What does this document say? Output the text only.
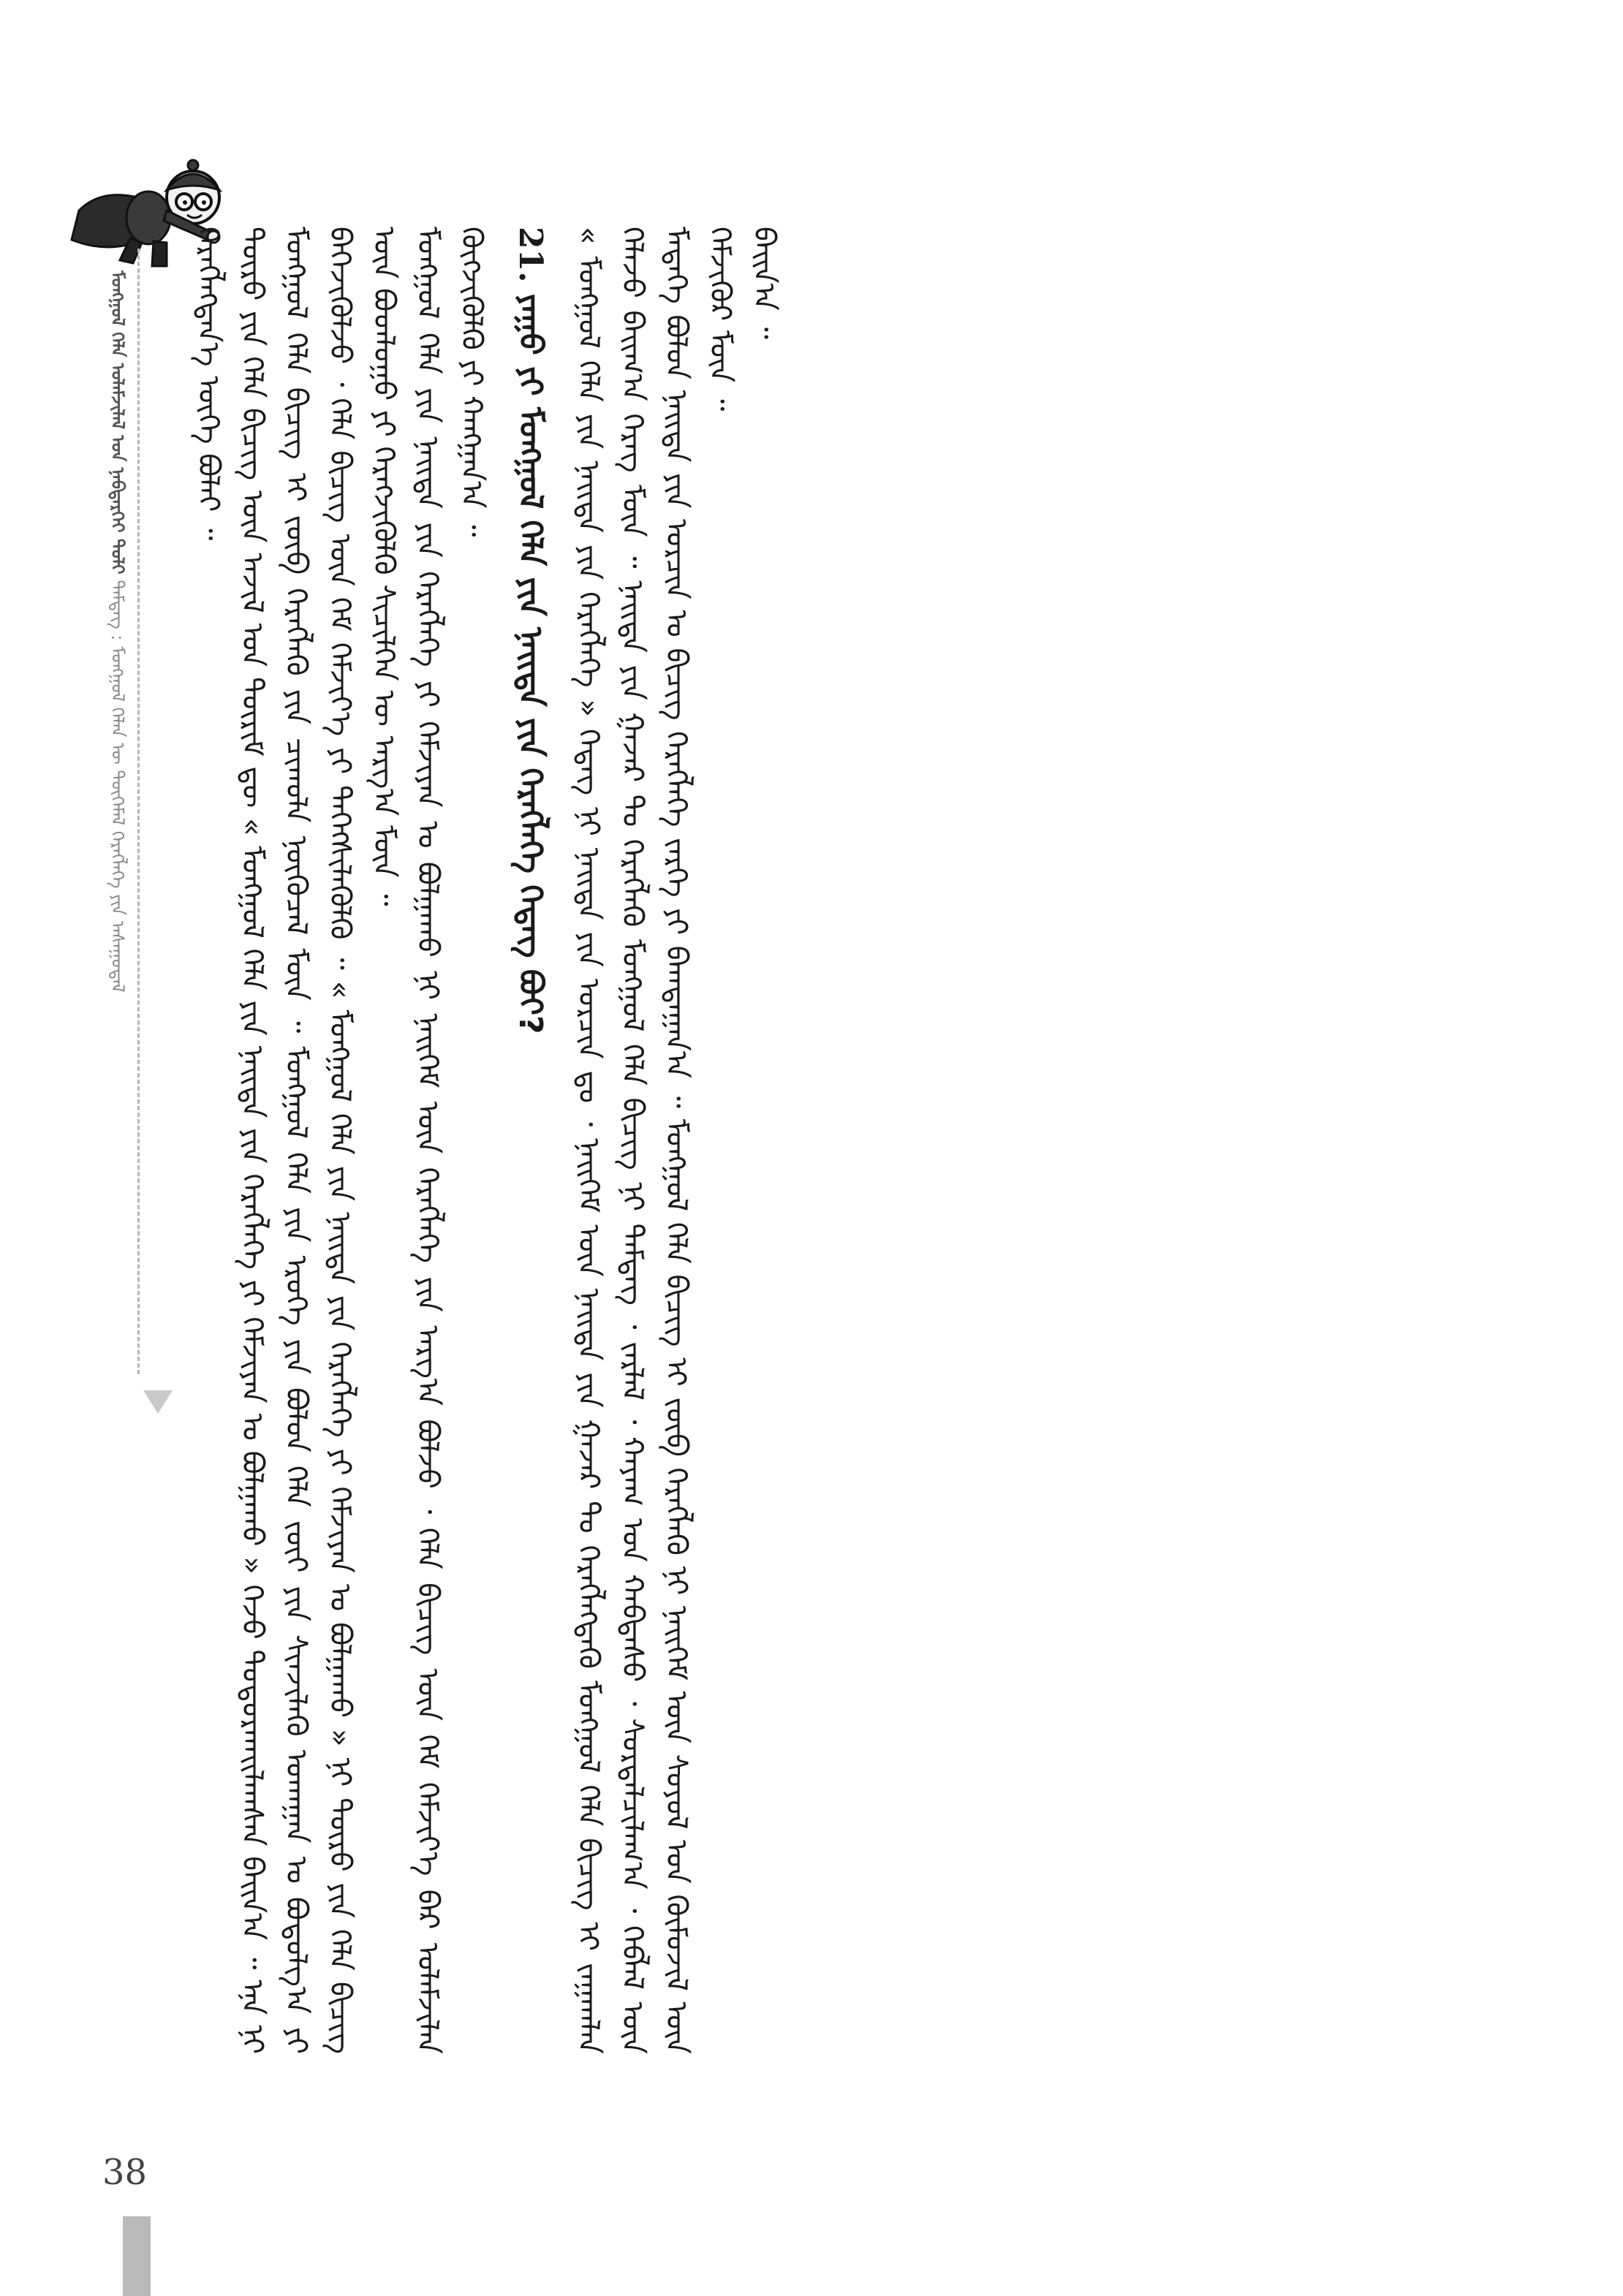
ᠮᠣᠩᠭᠣᠯ ᠬᠡᠯᠡ ᠤᠯᠠᠮᠵᠢᠯᠠᠯ ᠤᠨ ᠨᠡᠪᠲᠡᠷᠬᠡᠢ ᠲᠣᠯᠢ ᠲᠡᠮᠳᠡᠭ᠌ : ᠮᠣᠩᠭᠣᠯ ᠬᠡᠯᠡᠨ ᠦ ᠲᠦᠭᠡᠮᠡᠯ ᠬᠡᠷᠡᠭᠯᠡᠭᠡ ᠶᠢᠨ ᠠᠰᠠᠭᠤᠳᠠᠯ

ᠬᠡᠷᠡᠭᠯᠡᠭᠳᠡᠨ᠎ᠡ ᠦᠭᠡ ᠪᠣᠯᠠᠢ ᠃ ᠲᠦᠷᠦ ᠶᠢᠨ ᠬᠡᠯᠡ ᠪᠢᠴᠢᠭ ᠦᠨ ᠠᠵᠢᠯ ᠤᠨ ᠳᠦᠷᠢᠮ ᠳᠦ « ᠮᠣᠩᠭᠣᠯ ᠬᠡᠯᠡ ᠶᠢᠨ ᠨᠡᠢᠲᠡ ᠶᠢᠨ ᠬᠡᠷᠡᠭᠯᠡᠭᠡ ᠶᠢ ᠬᠡᠮᠵᠢᠶᠡᠨ ᠤ ᠪᠣᠯᠭᠠᠬᠤ » ᠭᠡᠵᠦ ᠲᠣᠳᠣᠷᠬᠠᠢᠯᠠᠭᠰᠠᠨ ᠪᠠᠢᠨ᠎ᠠ ᠃ ᠡᠨᠡ ᠨᠢ ᠮᠣᠩᠭᠣᠯ ᠬᠡᠯᠡ ᠪᠢᠴᠢᠭ ᠢ ᠵᠥᠪ ᠬᠡᠷᠡᠭᠯᠡᠬᠦ ᠶᠢᠨ ᠴᠢᠬᠤᠯᠠ ᠨᠥᠬᠦᠴᠡᠯ ᠮᠥᠨ ᠃ ᠮᠣᠩᠭᠣᠯ ᠬᠡᠯᠡ ᠶᠢᠨ ᠡᠷᠦᠬᠡ ᠶᠢᠨ ᠪᠣᠯᠤᠨ ᠬᠡᠯᠡ ᠵᠦᠢ ᠶᠢᠨ ᠰᠢᠨᠵᠢᠯᠡᠬᠦ ᠤᠬᠠᠭᠠᠨ ᠤ ᠪᠣᠳᠤᠯᠭ᠎ᠠ ᠶᠢ ᠪᠡᠬᠡᠵᠢᠭᠦᠯᠵᠦ ᠂ ᠬᠡᠯᠡ ᠪᠢᠴᠢᠭ ᠦᠨ ᠬᠡᠮ ᠬᠡᠮᠵᠢᠶ᠎ᠡ ᠶᠢ ᠳᠡᠭᠡᠭᠰᠢᠯᠡᠭᠦᠯᠬᠦ ᠃ « ᠮᠣᠩᠭᠣᠯ ᠬᠡᠯᠡ ᠶᠢᠨ ᠨᠡᠢᠲᠡ ᠶᠢᠨ ᠬᠡᠷᠡᠭᠯᠡᠭᠡ ᠶᠢ ᠬᠡᠮᠵᠢᠶᠡᠨ ᠤ ᠪᠣᠯᠭᠠᠬᠤ » ᠨᠢ ᠲᠦᠷᠦ ᠶᠢᠨ ᠬᠡᠯᠡ ᠪᠢᠴᠢᠭ ᠦᠨ ᠪᠣᠳᠯᠣᠭᠣ ᠶᠢ ᠬᠡᠷᠡᠭᠵᠢᠭᠦᠯᠬᠦ ᠰᠢᠴᠢᠯᠭᠡᠨ ᠦ ᠠᠷᠭ᠎ᠠ ᠮᠥᠨ ᠃ ᠮᠣᠩᠭᠣᠯ ᠬᠡᠯᠡ ᠶᠢᠨ ᠨᠡᠢᠲᠡ ᠶᠢᠨ ᠬᠡᠷᠡᠭᠯᠡᠭᠡ ᠶᠢ ᠬᠡᠮᠵᠢᠶᠡᠨ ᠤ ᠪᠣᠯᠭᠠᠬᠤ ᠨᠢ ᠨᠡᠢᠭᠡᠮ ᠦᠨ ᠬᠡᠷᠡᠭᠯᠡᠭᠡ ᠶᠢᠨ ᠠᠷᠭ᠎ᠠ ᠪᠣᠯᠵᠤ ᠂ ᠬᠡᠯᠡ ᠪᠢᠴᠢᠭ ᠦᠨ ᠬᠡᠮ ᠬᠡᠮᠵᠢᠶ᠎ᠡ ᠪᠡᠷ ᠤᠯᠠᠮᠵᠢᠯᠠᠨ ᠬᠥᠭᠵᠢᠭᠦᠯᠬᠦ ᠶᠢ ᠬᠠᠩᠭᠠᠨ᠎ᠠ ᠃ 21. ᠶᠠᠭᠤ ᠶᠢ ᠮᠣᠩᠭᠣᠯ ᠬᠡᠯᠡ ᠶᠢᠨ ᠨᠡᠢᠲᠡ ᠶᠢᠨ ᠬᠡᠷᠡᠭᠯᠡᠭᠡ ᠭᠡᠳᠡᠭ ᠪᠤᠢ? « ᠮᠣᠩᠭᠣᠯ ᠬᠡᠯᠡ ᠶᠢᠨ ᠨᠡᠢᠲᠡ ᠶᠢᠨ ᠬᠡᠷᠡᠭᠯᠡᠭᠡ » ᠭᠡᠳᠡᠭ ᠨᠢ ᠨᠡᠢᠲᠡ ᠶᠢᠨ ᠣᠷᠴᠢᠨ ᠳᠤ ᠂ ᠨᠡᠢᠭᠡᠮ ᠦᠨ ᠨᠡᠢᠲᠡ ᠶᠢᠨ ᠭᠠᠵᠠᠷ ᠲᠤ ᠬᠡᠷᠡᠭᠯᠡᠭᠳᠡᠬᠦ ᠮᠣᠩᠭᠣᠯ ᠬᠡᠯᠡ ᠪᠢᠴᠢᠭ ᠢ ᠵᠠᠭᠠᠭᠯᠠᠨ ᠬᠡᠯᠡᠵᠦ ᠪᠠᠢᠭ᠎ᠠ ᠬᠡᠷᠡᠭ ᠮᠥᠨ ᠃ ᠨᠡᠢᠲᠡ ᠶᠢᠨ ᠭᠠᠵᠠᠷ ᠲᠤ ᠬᠡᠷᠡᠭᠯᠡᠬᠦ ᠮᠣᠩᠭᠣᠯ ᠬᠡᠯᠡ ᠪᠢᠴᠢᠭ ᠨᠢ ᠲᠡᠮᠳᠡᠭ ᠂ ᠵᠠᠷᠯᠠᠯ ᠂ ᠬᠠᠶᠠᠭ ᠤᠨ ᠬᠠᠪᠲᠠᠰᠤ ᠂ ᠰᠤᠷᠲᠠᠯᠴᠢᠯᠠᠭ᠎ᠠ ᠂ ᠬᠡᠪᠯᠡᠯ ᠦᠨ ᠮᠡᠳᠡᠭᠡ ᠪᠣᠯᠤᠨ ᠨᠡᠢᠲᠡ ᠶᠢᠨ ᠣᠷᠴᠢᠨ ᠤ ᠪᠢᠴᠢᠭ ᠬᠡᠷᠡᠭᠯᠡᠭᠡ ᠵᠡᠷᠭᠡ ᠶᠢ ᠪᠠᠭᠲᠠᠭᠠᠨ᠎ᠠ ᠃ ᠮᠣᠩᠭᠣᠯ ᠬᠡᠯᠡ ᠪᠢᠴᠢᠭ ᠢ ᠵᠥᠪ ᠬᠡᠷᠡᠭᠯᠡᠬᠦ ᠨᠢ ᠨᠡᠢᠭᠡᠮ ᠦᠨ ᠰᠣᠶᠣᠯ ᠤᠨ ᠬᠦᠮᠦᠵᠢᠯ ᠦᠨ ᠬᠡᠮᠵᠢᠭᠦᠷ ᠮᠥᠨ ᠃ ᠪᠠᠢᠨ᠎ᠠ ᠃

38
